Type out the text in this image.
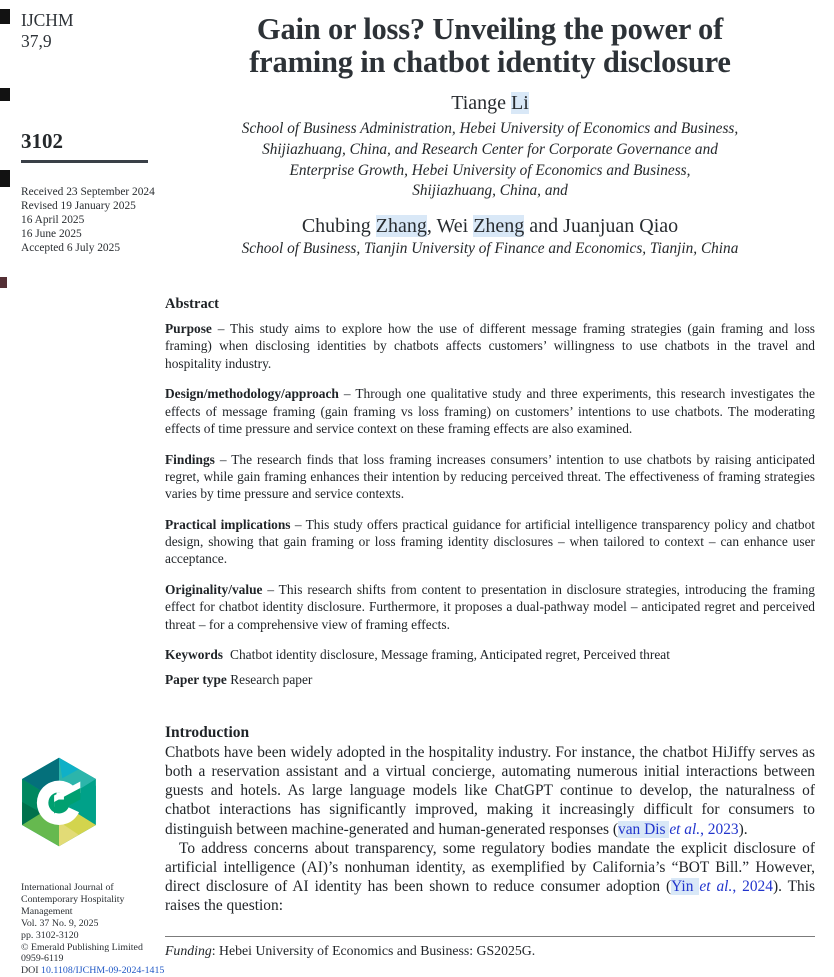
IJCHM
37,9
3102
Received 23 September 2024
Revised 19 January 2025
16 April 2025
16 June 2025
Accepted 6 July 2025
International Journal of
Contemporary Hospitality
Management
Vol. 37 No. 9, 2025
pp. 3102-3120
© Emerald Publishing Limited
0959-6119
DOI 10.1108/IJCHM-09-2024-1415
Gain or loss? Unveiling the power of
framing in chatbot identity disclosure
Tiange Li
School of Business Administration, Hebei University of Economics and Business,
Shijiazhuang, China, and Research Center for Corporate Governance and
Enterprise Growth, Hebei University of Economics and Business,
Shijiazhuang, China, and
Chubing Zhang, Wei Zheng and Juanjuan Qiao
School of Business, Tianjin University of Finance and Economics, Tianjin, China
Abstract

Purpose – This study aims to explore how the use of different message framing strategies (gain framing and loss framing) when disclosing identities by chatbots affects customers’ willingness to use chatbots in the travel and hospitality industry.

Design/methodology/approach – Through one qualitative study and three experiments, this research investigates the effects of message framing (gain framing vs loss framing) on customers’ intentions to use chatbots. The moderating effects of time pressure and service context on these framing effects are also examined.

Findings – The research finds that loss framing increases consumers’ intention to use chatbots by raising anticipated regret, while gain framing enhances their intention by reducing perceived threat. The effectiveness of framing strategies varies by time pressure and service contexts.

Practical implications – This study offers practical guidance for artificial intelligence transparency policy and chatbot design, showing that gain framing or loss framing identity disclosures – when tailored to context – can enhance user acceptance.

Originality/value – This research shifts from content to presentation in disclosure strategies, introducing the framing effect for chatbot identity disclosure. Furthermore, it proposes a dual-pathway model – anticipated regret and perceived threat – for a comprehensive view of framing effects.

Keywords Chatbot identity disclosure, Message framing, Anticipated regret, Perceived threat
Paper type Research paper
Introduction

Chatbots have been widely adopted in the hospitality industry. For instance, the chatbot HiJiffy serves as both a reservation assistant and a virtual concierge, automating numerous initial interactions between guests and hotels. As large language models like ChatGPT continue to develop, the naturalness of chatbot interactions has significantly improved, making it increasingly difficult for consumers to distinguish between machine-generated and human-generated responses (van Dis et al., 2023).

To address concerns about transparency, some regulatory bodies mandate the explicit disclosure of artificial intelligence (AI)’s nonhuman identity, as exemplified by California’s “BOT Bill.” However, direct disclosure of AI identity has been shown to reduce consumer adoption (Yin et al., 2024). This raises the question:

Funding: Hebei University of Economics and Business: GS2025G.
